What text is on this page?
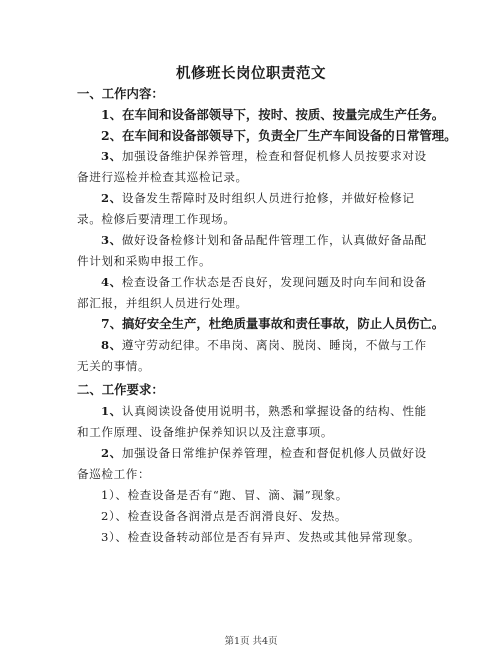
机修班长岗位职责范文
一、工作内容：
1、在车间和设备部领导下，按时、按质、按量完成生产任务。
2、在车间和设备部领导下，负责全厂生产车间设备的日常管理。
3、加强设备维护保养管理，检查和督促机修人员按要求对设备进行巡检并检查其巡检记录。
2、设备发生帮障时及时组织人员进行抢修，并做好检修记录。检修后要清理工作现场。
3、做好设备检修计划和备品配件管理工作，认真做好备品配件计划和采购申报工作。
4、检查设备工作状态是否良好，发现问题及时向车间和设备部汇报，并组织人员进行处理。
7、搞好安全生产，杜绝质量事故和责任事故，防止人员伤亡。
8、遵守劳动纪律。不串岗、离岗、脱岗、睡岗，不做与工作无关的事情。
二、工作要求：
1、认真阅读设备使用说明书，熟悉和掌握设备的结构、性能和工作原理、设备维护保养知识以及注意事项。
2、加强设备日常维护保养管理，检查和督促机修人员做好设备巡检工作：
1）、检查设备是否有“跑、冒、滴、漏”现象。
2）、检查设备各润滑点是否润滑良好、发热。
3）、检查设备转动部位是否有异声、发热或其他异常现象。
第1页 共4页
